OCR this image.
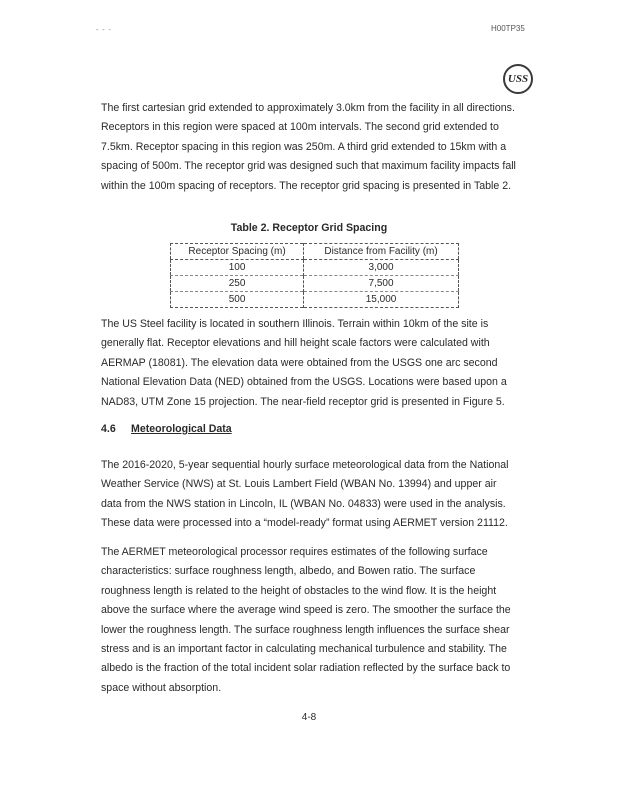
- - -	H00TP35
USS

The first cartesian grid extended to approximately 3.0km from the facility in all directions. Receptors in this region were spaced at 100m intervals. The second grid extended to 7.5km. Receptor spacing in this region was 250m. A third grid extended to 15km with a spacing of 500m. The receptor grid was designed such that maximum facility impacts fall within the 100m spacing of receptors. The receptor grid spacing is presented in Table 2.

Table 2. Receptor Grid Spacing

Receptor Spacing (m)	Distance from Facility (m)
100	3,000
250	7,500
500	15,000

The US Steel facility is located in southern Illinois. Terrain within 10km of the site is generally flat. Receptor elevations and hill height scale factors were calculated with AERMAP (18081). The elevation data were obtained from the USGS one arc second National Elevation Data (NED) obtained from the USGS. Locations were based upon a NAD83, UTM Zone 15 projection. The near-field receptor grid is presented in Figure 5.

4.6 Meteorological Data

The 2016-2020, 5-year sequential hourly surface meteorological data from the National Weather Service (NWS) at St. Louis Lambert Field (WBAN No. 13994) and upper air data from the NWS station in Lincoln, IL (WBAN No. 04833) were used in the analysis. These data were processed into a “model-ready” format using AERMET version 21112.

The AERMET meteorological processor requires estimates of the following surface characteristics: surface roughness length, albedo, and Bowen ratio. The surface roughness length is related to the height of obstacles to the wind flow. It is the height above the surface where the average wind speed is zero. The smoother the surface the lower the roughness length. The surface roughness length influences the surface shear stress and is an important factor in calculating mechanical turbulence and stability. The albedo is the fraction of the total incident solar radiation reflected by the surface back to space without absorption.

4-8
